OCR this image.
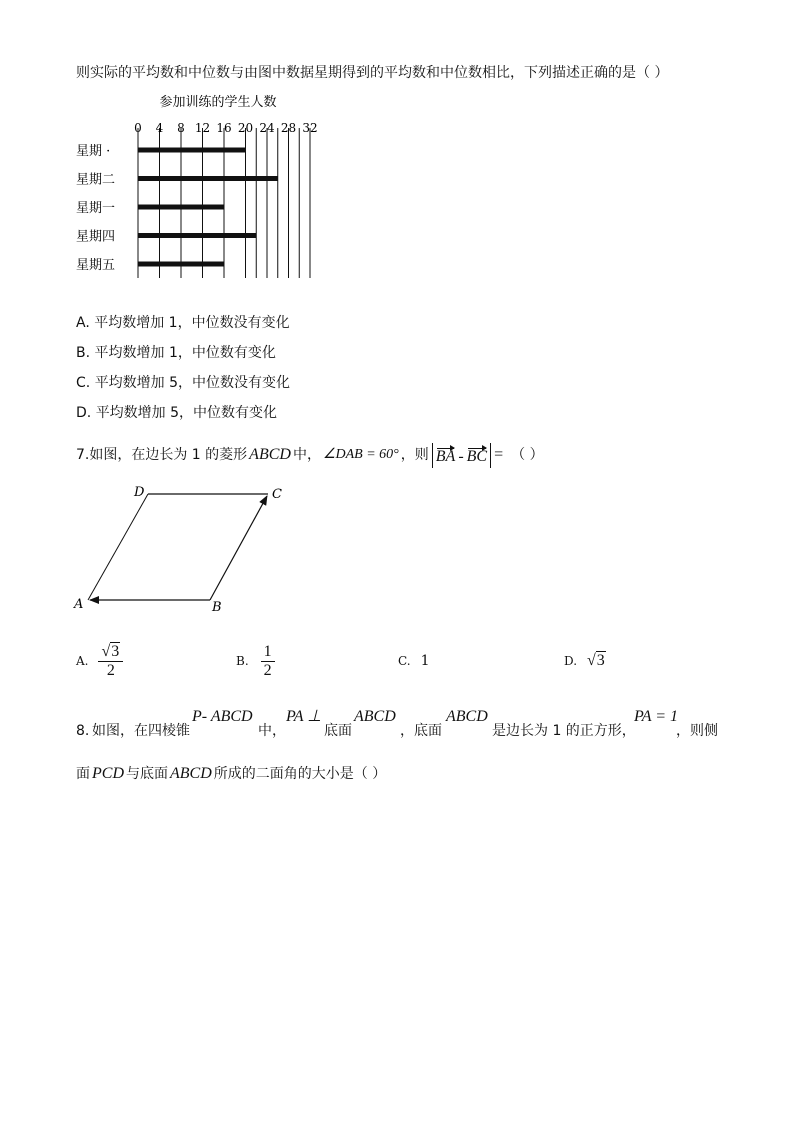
则实际的平均数和中位数与由图中数据星期得到的平均数和中位数相比，下列描述正确的是（ ）
参加训练的学生人数
0 4 8 12 16 20 24 28 32
星期 ·
星期二
星期一
星期四
星期五
A. 平均数增加 1，中位数没有变化
B. 平均数增加 1，中位数有变化
C. 平均数增加 5，中位数没有变化
D. 平均数增加 5，中位数有变化
7. 如图，在边长为 1 的菱形 ABCD 中， ∠DAB = 60° ，则 BA - BC = （ ）
D	C
A	B
A. $\frac{√3}{2}$	B. $\frac{1}{2}$	C. 1	D. √3
8. 如图，在四棱锥
P- ABCD
中，
PA ⊥
底面
ABCD
，底面
ABCD
是边长为 1 的正方形，
PA = 1
，则侧
面 PCD 与底面 ABCD 所成的二面角的大小是（ ）
